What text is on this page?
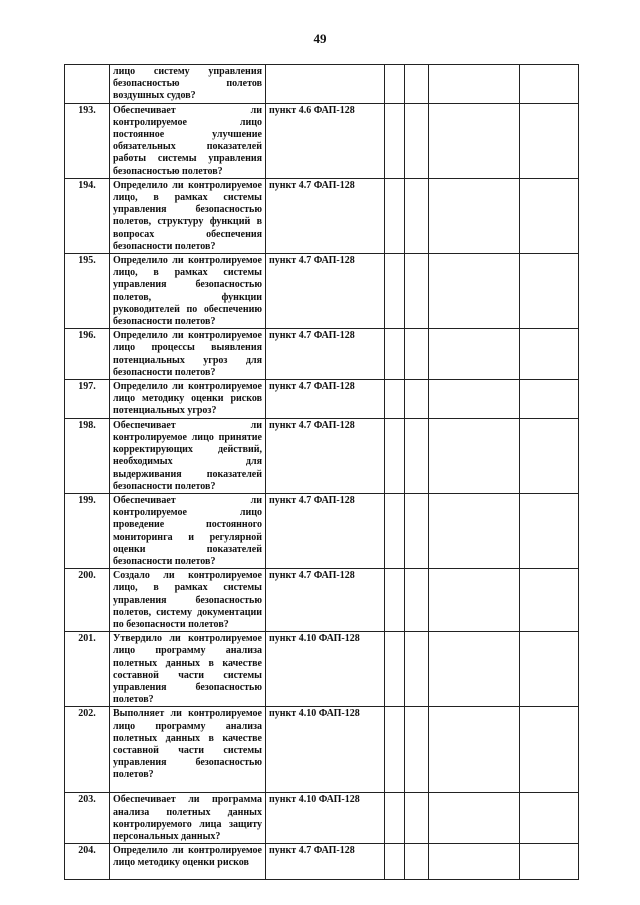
49
	лицо систему управления безопасностью полетов воздушных судов?					
193.	Обеспечивает ли контролируемое лицо постоянное улучшение обязательных показателей работы системы управления безопасностью полетов?	пункт 4.6 ФАП-128				
194.	Определило ли контролируемое лицо, в рамках системы управления безопасностью полетов, структуру функций в вопросах обеспечения безопасности полетов?	пункт 4.7 ФАП-128				
195.	Определило ли контролируемое лицо, в рамках системы управления безопасностью полетов, функции руководителей по обеспечению безопасности полетов?	пункт 4.7 ФАП-128				
196.	Определило ли контролируемое лицо процессы выявления потенциальных угроз для безопасности полетов?	пункт 4.7 ФАП-128				
197.	Определило ли контролируемое лицо методику оценки рисков потенциальных угроз?	пункт 4.7 ФАП-128				
198.	Обеспечивает ли контролируемое лицо принятие корректирующих действий, необходимых для выдерживания показателей безопасности полетов?	пункт 4.7 ФАП-128				
199.	Обеспечивает ли контролируемое лицо проведение постоянного мониторинга и регулярной оценки показателей безопасности полетов?	пункт 4.7 ФАП-128				
200.	Создало ли контролируемое лицо, в рамках системы управления безопасностью полетов, систему документации по безопасности полетов?	пункт 4.7 ФАП-128				
201.	Утвердило ли контролируемое лицо программу анализа полетных данных в качестве составной части системы управления безопасностью полетов?	пункт 4.10 ФАП-128				
202.	Выполняет ли контролируемое лицо программу анализа полетных данных в качестве составной части системы управления безопасностью полетов?	пункт 4.10 ФАП-128				
203.	Обеспечивает ли программа анализа полетных данных контролируемого лица защиту персональных данных?	пункт 4.10 ФАП-128				
204.	Определило ли контролируемое лицо методику оценки рисков	пункт 4.7 ФАП-128				
